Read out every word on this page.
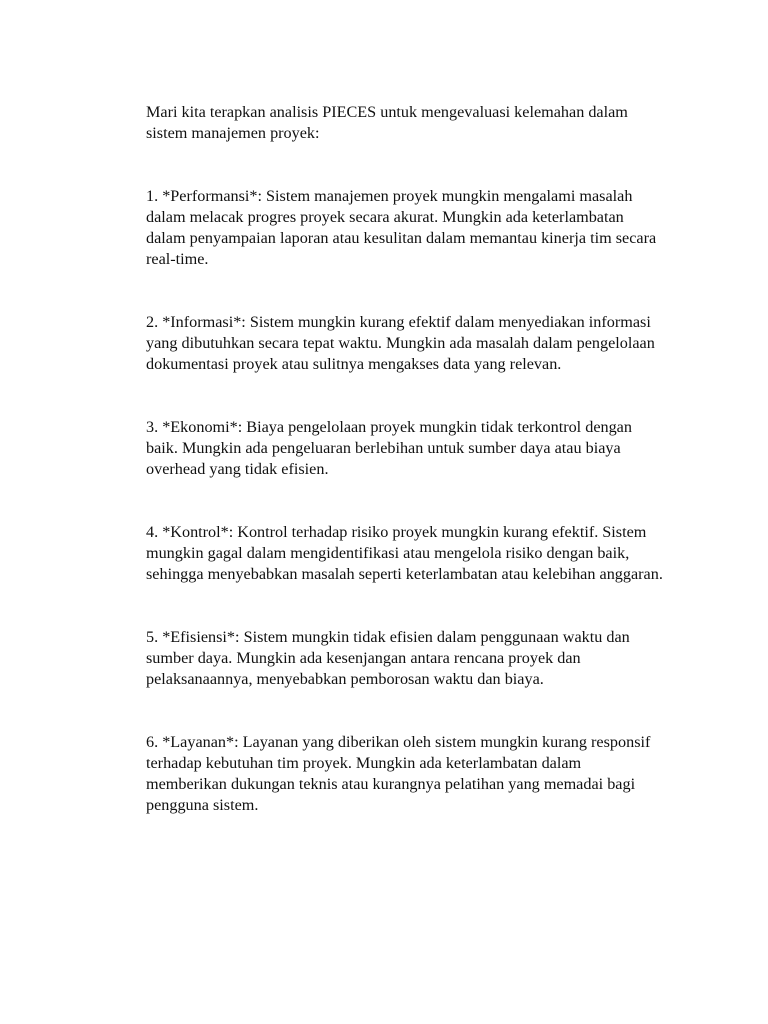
Mari kita terapkan analisis PIECES untuk mengevaluasi kelemahan dalam sistem manajemen proyek:

1. *Performansi*: Sistem manajemen proyek mungkin mengalami masalah dalam melacak progres proyek secara akurat. Mungkin ada keterlambatan dalam penyampaian laporan atau kesulitan dalam memantau kinerja tim secara real-time.

2. *Informasi*: Sistem mungkin kurang efektif dalam menyediakan informasi yang dibutuhkan secara tepat waktu. Mungkin ada masalah dalam pengelolaan dokumentasi proyek atau sulitnya mengakses data yang relevan.

3. *Ekonomi*: Biaya pengelolaan proyek mungkin tidak terkontrol dengan baik. Mungkin ada pengeluaran berlebihan untuk sumber daya atau biaya overhead yang tidak efisien.

4. *Kontrol*: Kontrol terhadap risiko proyek mungkin kurang efektif. Sistem mungkin gagal dalam mengidentifikasi atau mengelola risiko dengan baik, sehingga menyebabkan masalah seperti keterlambatan atau kelebihan anggaran.

5. *Efisiensi*: Sistem mungkin tidak efisien dalam penggunaan waktu dan sumber daya. Mungkin ada kesenjangan antara rencana proyek dan pelaksanaannya, menyebabkan pemborosan waktu dan biaya.

6. *Layanan*: Layanan yang diberikan oleh sistem mungkin kurang responsif terhadap kebutuhan tim proyek. Mungkin ada keterlambatan dalam memberikan dukungan teknis atau kurangnya pelatihan yang memadai bagi pengguna sistem.
